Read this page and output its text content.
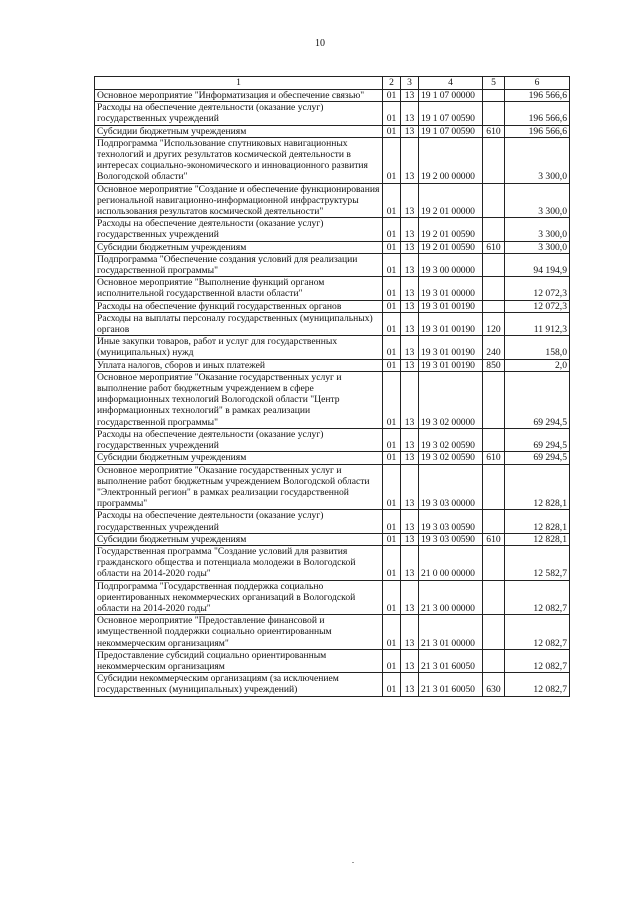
10
1	2	3	4	5	6
Основное мероприятие "Информатизация и обеспечение связью"	01	13	19 1 07 00000		196 566,6
Расходы на обеспечение деятельности (оказание услуг) государственных учреждений	01	13	19 1 07 00590		196 566,6
Субсидии бюджетным учреждениям	01	13	19 1 07 00590	610	196 566,6
Подпрограмма "Использование спутниковых навигационных технологий и других результатов космической деятельности в интересах социально-экономического и инновационного развития Вологодской области"	01	13	19 2 00 00000		3 300,0
Основное мероприятие "Создание и обеспечение функционирования региональной навигационно-информационной инфраструктуры использования результатов космической деятельности"	01	13	19 2 01 00000		3 300,0
Расходы на обеспечение деятельности (оказание услуг) государственных учреждений	01	13	19 2 01 00590		3 300,0
Субсидии бюджетным учреждениям	01	13	19 2 01 00590	610	3 300,0
Подпрограмма "Обеспечение создания условий для реализации государственной программы"	01	13	19 3 00 00000		94 194,9
Основное мероприятие "Выполнение функций органом исполнительной государственной власти области"	01	13	19 3 01 00000		12 072,3
Расходы на обеспечение функций государственных органов	01	13	19 3 01 00190		12 072,3
Расходы на выплаты персоналу государственных (муниципальных) органов	01	13	19 3 01 00190	120	11 912,3
Иные закупки товаров, работ и услуг для государственных (муниципальных) нужд	01	13	19 3 01 00190	240	158,0
Уплата налогов, сборов и иных платежей	01	13	19 3 01 00190	850	2,0
Основное мероприятие "Оказание государственных услуг и выполнение работ бюджетным учреждением в сфере информационных технологий Вологодской области "Центр информационных технологий" в рамках реализации государственной программы"	01	13	19 3 02 00000		69 294,5
Расходы на обеспечение деятельности (оказание услуг) государственных учреждений	01	13	19 3 02 00590		69 294,5
Субсидии бюджетным учреждениям	01	13	19 3 02 00590	610	69 294,5
Основное мероприятие "Оказание государственных услуг и выполнение работ бюджетным учреждением Вологодской области "Электронный регион" в рамках реализации государственной программы"	01	13	19 3 03 00000		12 828,1
Расходы на обеспечение деятельности (оказание услуг) государственных учреждений	01	13	19 3 03 00590		12 828,1
Субсидии бюджетным учреждениям	01	13	19 3 03 00590	610	12 828,1
Государственная программа "Создание условий для развития гражданского общества и потенциала молодежи в Вологодской области на 2014-2020 годы"	01	13	21 0 00 00000		12 582,7
Подпрограмма "Государственная поддержка социально ориентированных некоммерческих организаций в Вологодской области на 2014-2020 годы"	01	13	21 3 00 00000		12 082,7
Основное мероприятие "Предоставление финансовой и имущественной поддержки социально ориентированным некоммерческим организациям"	01	13	21 3 01 00000		12 082,7
Предоставление субсидий социально ориентированным некоммерческим организациям	01	13	21 3 01 60050		12 082,7
Субсидии некоммерческим организациям (за исключением государственных (муниципальных) учреждений)	01	13	21 3 01 60050	630	12 082,7
